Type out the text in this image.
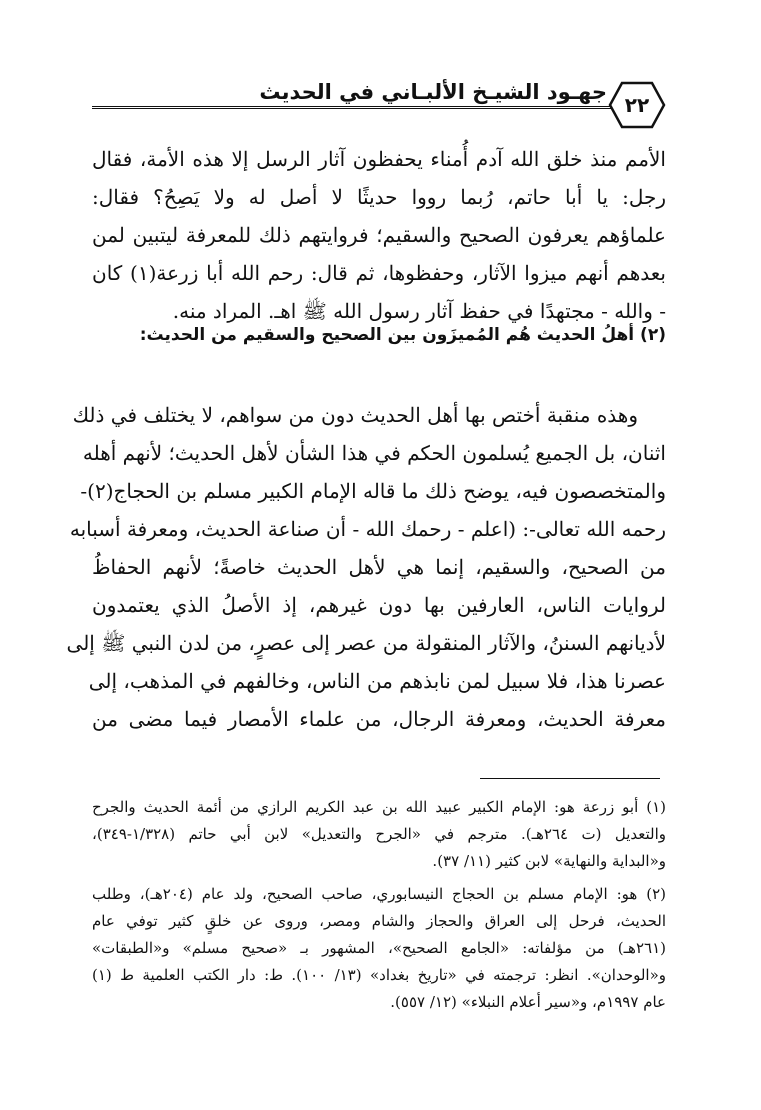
جهـود الشيـخ الألبـاني في الحديث
٢٢
الأمم منذ خلق الله آدم أُمناء يحفظون آثار الرسل إلا هذه الأمة، فقال
رجل: يا أبا حاتم، رُبما رووا حديثًا لا أصل له ولا يَصِحُ؟ فقال:
علماؤهم يعرفون الصحيح والسقيم؛ فروايتهم ذلك للمعرفة ليتبين لمن
بعدهم أنهم ميزوا الآثار، وحفظوها، ثم قال: رحم الله أبا زرعة(١) كان
- والله - مجتهدًا في حفظ آثار رسول الله ﷺ اهـ. المراد منه.
(٢) أهلُ الحديث هُم المُميزَون بين الصحيح والسقيم من الحديث:
وهذه منقبة أختص بها أهل الحديث دون من سواهم، لا يختلف في ذلك
اثنان، بل الجميع يُسلمون الحكم في هذا الشأن لأهل الحديث؛ لأنهم أهله
والمتخصصون فيه، يوضح ذلك ما قاله الإمام الكبير مسلم بن الحجاج(٢)-
رحمه الله تعالى-: (اعلم - رحمك الله - أن صناعة الحديث، ومعرفة أسبابه
من الصحيح، والسقيم، إنما هي لأهل الحديث خاصةً؛ لأنهم الحفاظُ
لروايات الناس، العارفين بها دون غيرهم، إذ الأصلُ الذي يعتمدون
لأديانهم السننُ، والآثار المنقولة من عصر إلى عصرٍ، من لدن النبي ﷺ إلى
عصرنا هذا، فلا سبيل لمن نابذهم من الناس، وخالفهم في المذهب، إلى
معرفة الحديث، ومعرفة الرجال، من علماء الأمصار فيما مضى من
(١) أبو زرعة هو: الإمام الكبير عبيد الله بن عبد الكريم الرازي من أئمة الحديث والجرح
والتعديل (ت ٢٦٤هـ). مترجم في «الجرح والتعديل» لابن أبي حاتم (١/٣٢٨-٣٤٩)،
و«البداية والنهاية» لابن كثير (١١/ ٣٧).
(٢) هو: الإمام مسلم بن الحجاج النيسابوري، صاحب الصحيح، ولد عام (٢٠٤هـ)، وطلب
الحديث، فرحل إلى العراق والحجاز والشام ومصر، وروى عن خلقٍ كثير توفي عام
(٢٦١هـ) من مؤلفاته: «الجامع الصحيح»، المشهور بـ «صحيح مسلم» و«الطبقات»
و«الوحدان». انظر: ترجمته في «تاريخ بغداد» (١٣/ ١٠٠). ط: دار الكتب العلمية ط (١)
عام ١٩٩٧م، و«سير أعلام النبلاء» (١٢/ ٥٥٧).
